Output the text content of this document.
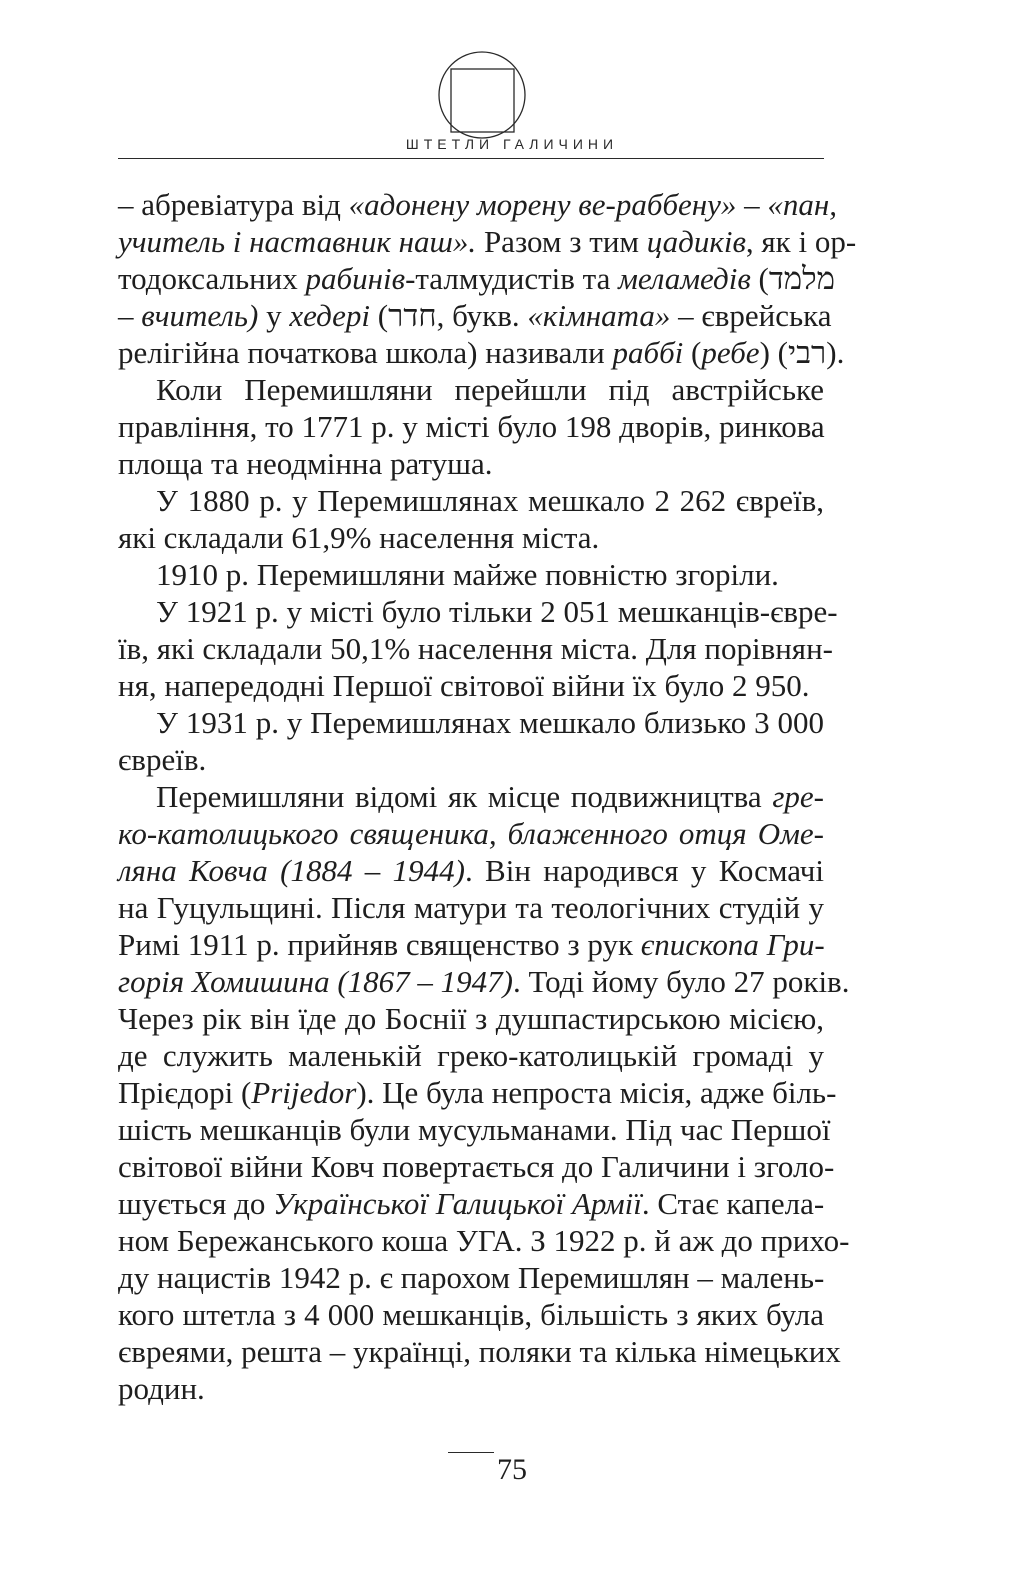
ШТЕТЛИ ГАЛИЧИНИ
– абревіатура від «адонену морену ве-раббену» – «пан,
учитель і наставник наш». Разом з тим цадиків, як і ор-
тодоксальних рабинів-талмудистів та меламедів (מלמד
– вчитель) у хедері (חדר, букв. «кімната» – єврейська
релігійна початкова школа) називали раббі (ребе) (רבי).
Коли Перемишляни перейшли під австрійське
правління, то 1771 р. у місті було 198 дворів, ринкова
площа та неодмінна ратуша.
У 1880 р. у Перемишлянах мешкало 2 262 євреїв,
які складали 61,9% населення міста.
1910 р. Перемишляни майже повністю згоріли.
У 1921 р. у місті було тільки 2 051 мешканців-євре-
їв, які складали 50,1% населення міста. Для порівнян-
ня, напередодні Першої світової війни їх було 2 950.
У 1931 р. у Перемишлянах мешкало близько 3 000
євреїв.
Перемишляни відомі як місце подвижництва гре-
ко-католицького священика, блаженного отця Оме-
ляна Ковча (1884 – 1944). Він народився у Космачі
на Гуцульщині. Після матури та теологічних студій у
Римі 1911 р. прийняв священство з рук єпископа Гри-
горія Хомишина (1867 – 1947). Тоді йому було 27 років.
Через рік він їде до Боснії з душпастирською місією,
де служить маленькій греко-католицькій громаді у
Прієдорі (Prijedor). Це була непроста місія, адже біль-
шість мешканців були мусульманами. Під час Першої
світової війни Ковч повертається до Галичини і зголо-
шується до Української Галицької Армії. Стає капела-
ном Бережанського коша УГА. З 1922 р. й аж до прихо-
ду нацистів 1942 р. є парохом Перемишлян – малень-
кого штетла з 4 000 мешканців, більшість з яких була
євреями, решта – українці, поляки та кілька німецьких
родин.
75
